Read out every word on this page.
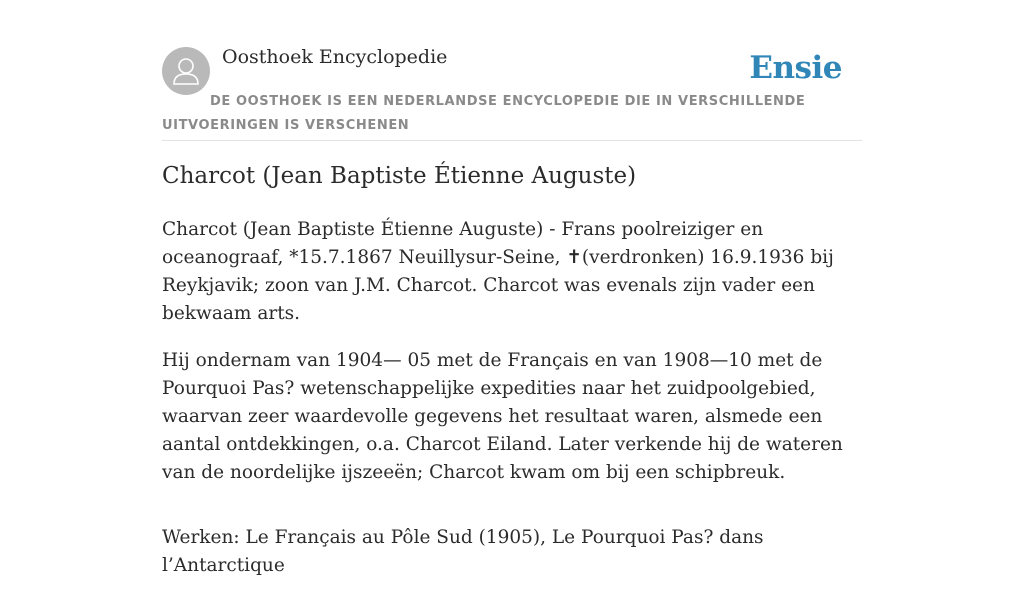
Oosthoek Encyclopedie	Ensie
DE OOSTHOEK IS EEN NEDERLANDSE ENCYCLOPEDIE DIE IN VERSCHILLENDE UITVOERINGEN IS VERSCHENEN
Charcot (Jean Baptiste Étienne Auguste)

Charcot (Jean Baptiste Étienne Auguste) - Frans poolreiziger en oceanograaf, *15.7.1867 Neuillysur-Seine, ✝(verdronken) 16.9.1936 bij Reykjavik; zoon van J.M. Charcot. Charcot was evenals zijn vader een bekwaam arts.

Hij ondernam van 1904— 05 met de Français en van 1908—10 met de Pourquoi Pas? wetenschappelijke expedities naar het zuidpoolgebied, waarvan zeer waardevolle gegevens het resultaat waren, alsmede een aantal ontdekkingen, o.a. Charcot Eiland. Later verkende hij de wateren van de noordelijke ijszeeën; Charcot kwam om bij een schipbreuk.

Werken: Le Français au Pôle Sud (1905), Le Pourquoi Pas? dans l’Antarctique
